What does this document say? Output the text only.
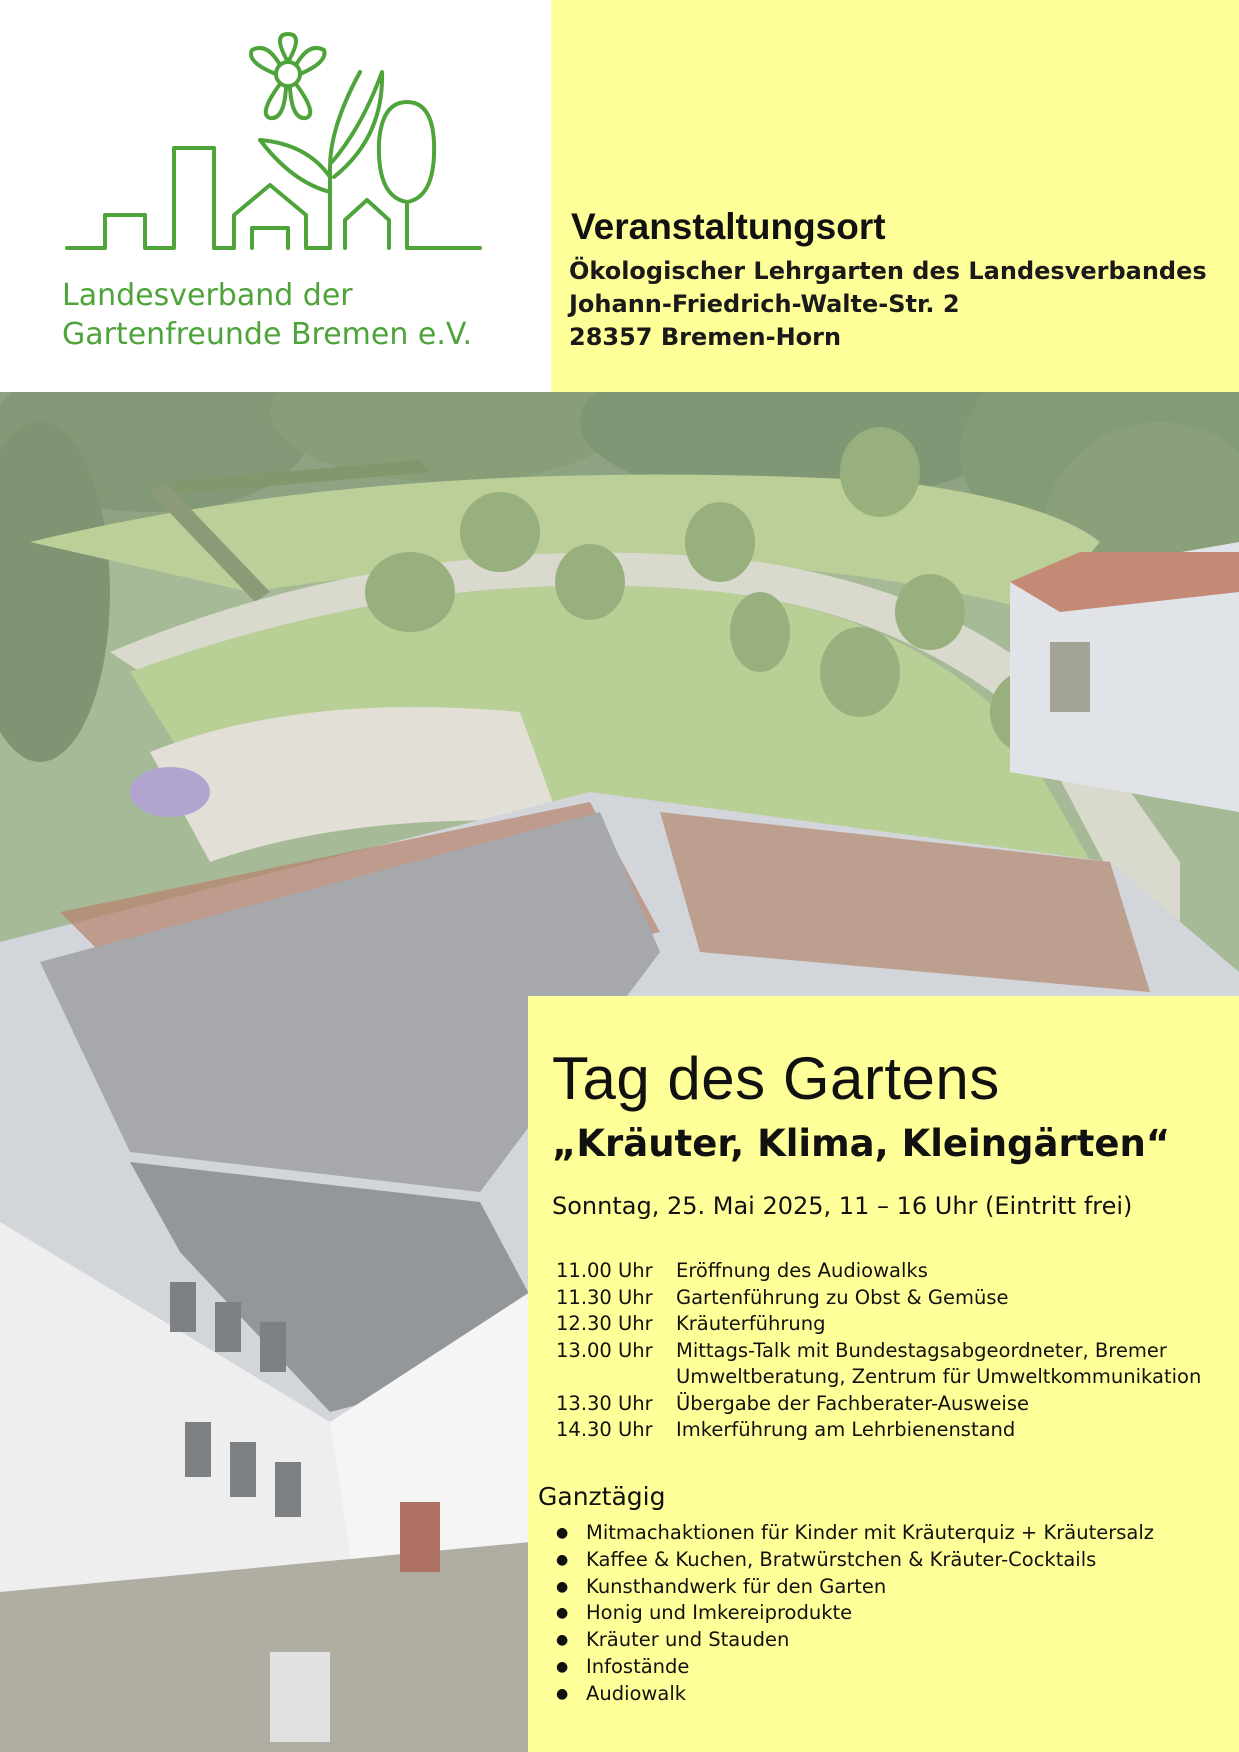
Landesverband der
Gartenfreunde Bremen e.V.
Veranstaltungsort
Ökologischer Lehrgarten des Landesverbandes
Johann-Friedrich-Walte-Str. 2
28357 Bremen-Horn
Tag des Gartens
„Kräuter, Klima, Kleingärten“
Sonntag, 25. Mai 2025, 11 – 16 Uhr (Eintritt frei)
11.00 Uhr	Eröffnung des Audiowalks
11.30 Uhr	Gartenführung zu Obst & Gemüse
12.30 Uhr	Kräuterführung
13.00 Uhr	Mittags-Talk mit Bundestagsabgeordneter, Bremer
Umweltberatung, Zentrum für Umweltkommunikation
13.30 Uhr	Übergabe der Fachberater-Ausweise
14.30 Uhr	Imkerführung am Lehrbienenstand
Ganztägig
● Mitmachaktionen für Kinder mit Kräuterquiz + Kräutersalz
● Kaffee & Kuchen, Bratwürstchen & Kräuter-Cocktails
● Kunsthandwerk für den Garten
● Honig und Imkereiprodukte
● Kräuter und Stauden
● Infostände
● Audiowalk
